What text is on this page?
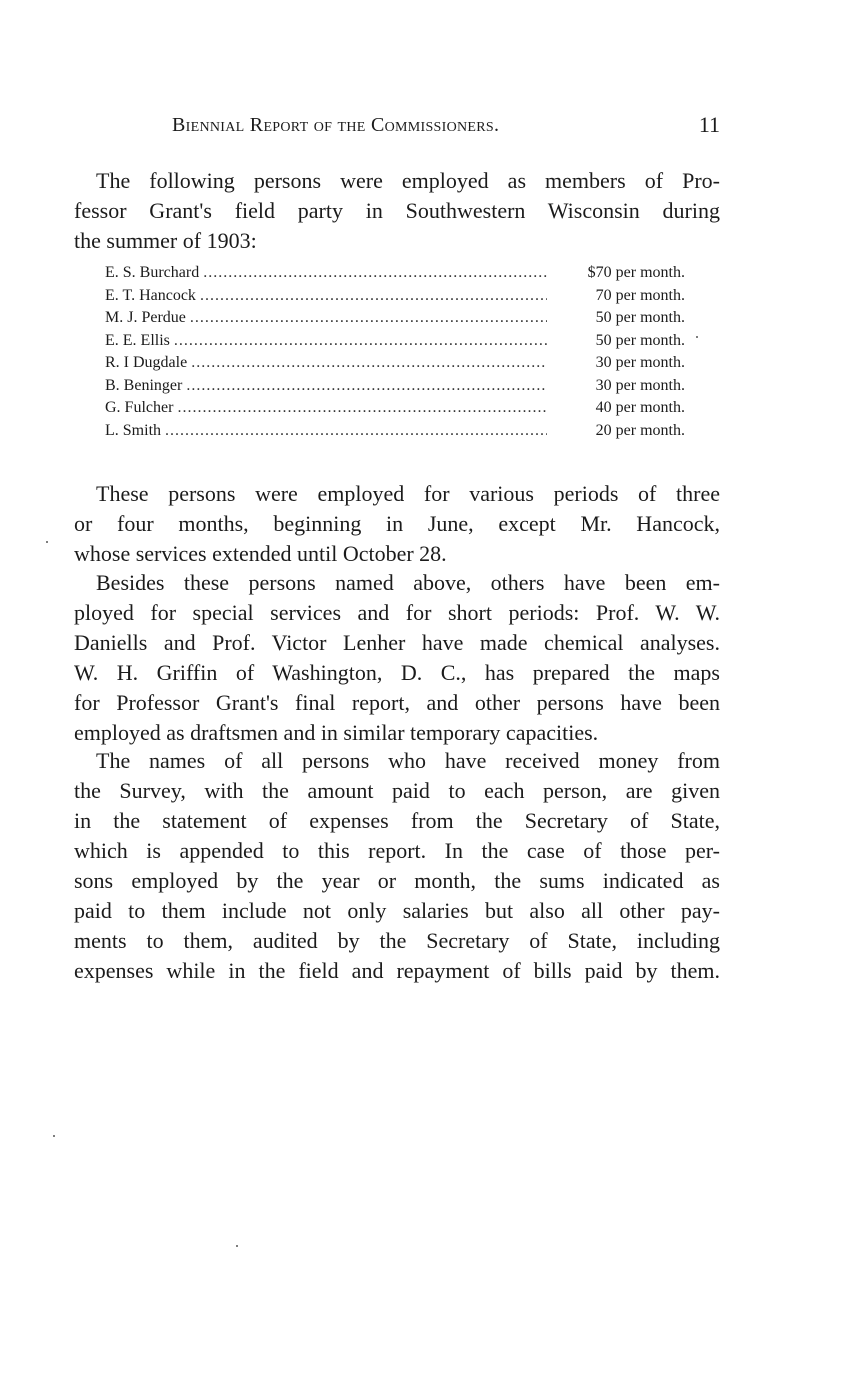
Biennial Report of the Commissioners.	11

The following persons were employed as members of Pro-
fessor Grant's field party in Southwestern Wisconsin during
the summer of 1903:

E. S. Burchard . . .	$70 per month.
E. T. Hancock . . .	70 per month.
M. J. Perdue . . .	50 per month.
E. E. Ellis . . .	50 per month.
R. I Dugdale . . .	30 per month.
B. Beninger . . .	30 per month.
G. Fulcher . . .	40 per month.
L. Smith . . .	20 per month.

These persons were employed for various periods of three
or four months, beginning in June, except Mr. Hancock,
whose services extended until October 28.

Besides these persons named above, others have been em-
ployed for special services and for short periods: Prof. W. W.
Daniells and Prof. Victor Lenher have made chemical analyses.
W. H. Griffin of Washington, D. C., has prepared the maps
for Professor Grant's final report, and other persons have been
employed as draftsmen and in similar temporary capacities.

The names of all persons who have received money from
the Survey, with the amount paid to each person, are given
in the statement of expenses from the Secretary of State,
which is appended to this report. In the case of those per-
sons employed by the year or month, the sums indicated as
paid to them include not only salaries but also all other pay-
ments to them, audited by the Secretary of State, including
expenses while in the field and repayment of bills paid by them.
